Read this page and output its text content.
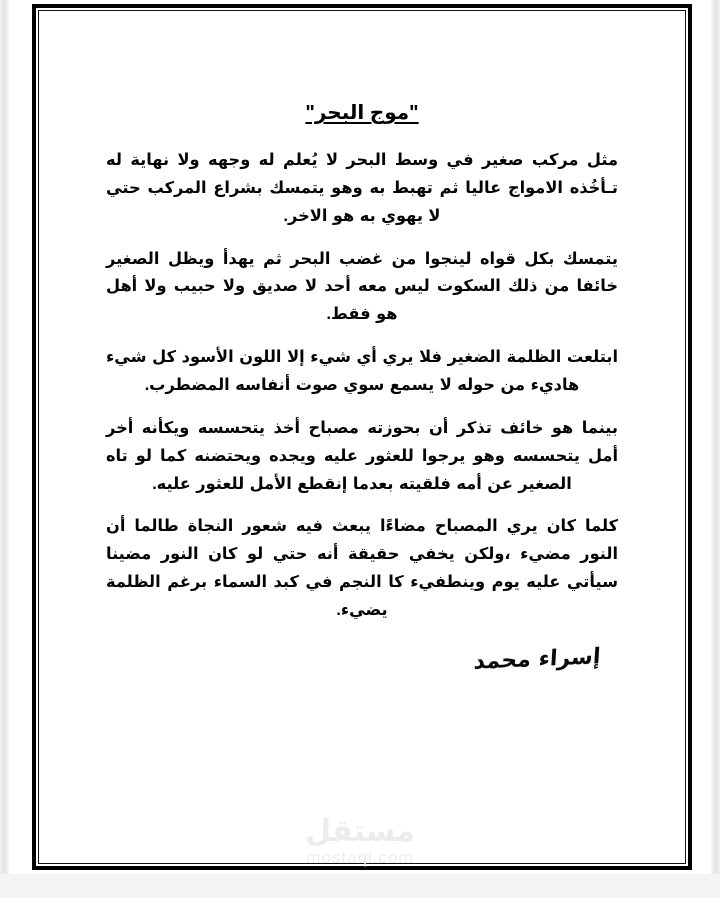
"موج البحر"

مثل مركب صغير في وسط البحر لا يُعلم له وجهه ولا نهاية له تـأخُذه الامواج عاليا ثم تهبط به وهو يتمسك بشراع المركب حتي لا يهوي به هو الاخر.

يتمسك بكل قواه لينجوا من غضب البحر ثم يهدأ ويظل الصغير خائفا من ذلك السكوت ليس معه أحد لا صديق ولا حبيب ولا أهل هو فقط.

ابتلعت الظلمة الضغير فلا يري أي شيء إلا اللون الأسود كل شيء هاديء من حوله لا يسمع سوي صوت أنفاسه المضطرب.

بينما هو خائف تذكر أن بحوزته مصباح أخذ يتحسسه ويكأنه أخر أمل يتحسسه وهو يرجوا للعثور عليه ويجده ويحتضنه كما لو تاه الصغير عن أمه فلقيته بعدما إنقطع الأمل للعثور عليه.

كلما كان يري المصباح مضاءًا يبعث فيه شعور النجاة طالما أن النور مضيء ،ولكن يخفي حقيقة أنه حتي لو كان النور مضينا سيأتي عليه يوم وينطفيء كا النجم في كبد السماء برغم الظلمة يضيء.

إسراء محمد
مستقل
mostaqi.com
